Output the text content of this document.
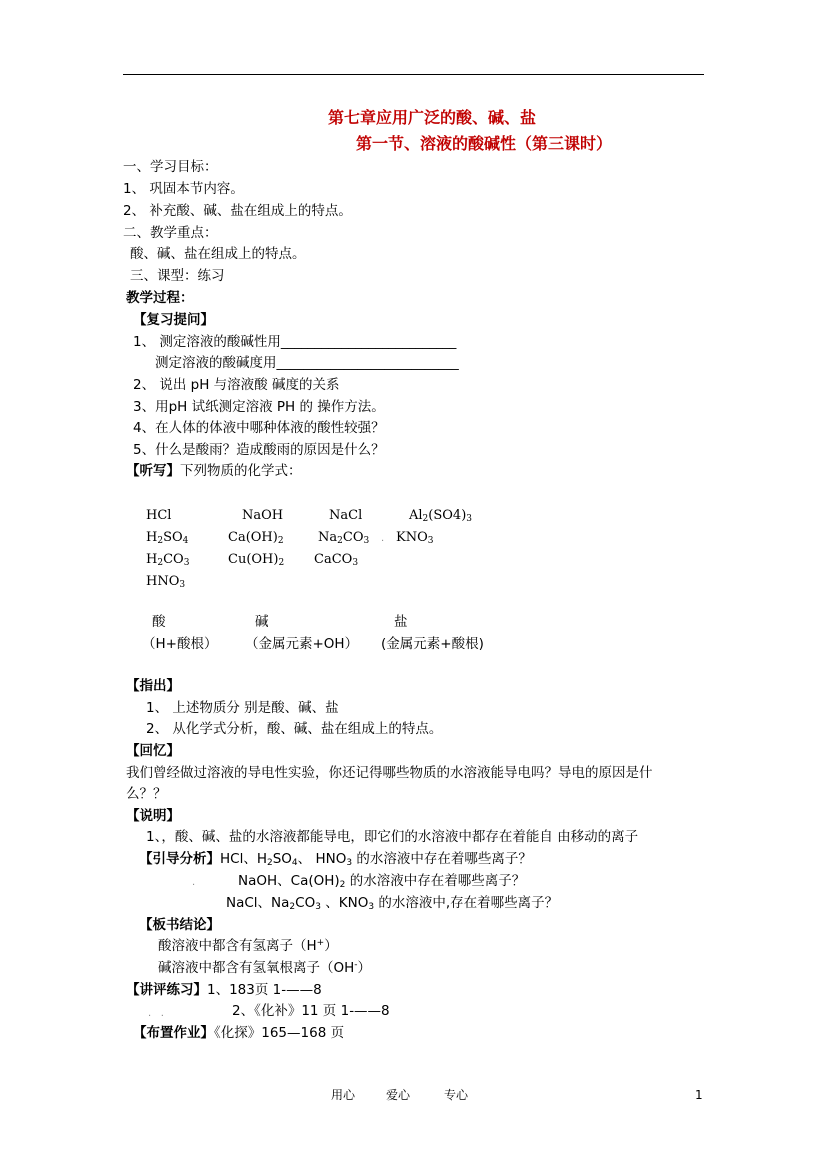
第七章应用广泛的酸、碱、盐
第一节、溶液的酸碱性（第三课时）
一、学习目标：
1、 巩固本节内容。
2、 补充酸、碱、盐在组成上的特点。
二、教学重点：
酸、碱、盐在组成上的特点。
三、课型：练习
教学过程：
【复习提问】
1、 测定溶液的酸碱性用__________________________
测定溶液的酸碱度用___________________________
2、 说出 pH 与溶液酸 碱度的关系
3、用pH 试纸测定溶液 PH 的 操作方法。
4、在人体的体液中哪种体液的酸性较强？
5、什么是酸雨？造成酸雨的原因是什么？
【听写】下列物质的化学式：
HCl	NaOH	NaCl	$Al_2(SO4)_3$
$H_2SO_4$	$Ca(OH)_2$	$Na_2CO_3$ . $KNO_3$
$H_2CO_3$	$Cu(OH)_2$ CaCO$_3$
$HNO_3$
酸	碱	盐
（H+酸根） （金属元素+OH） (金属元素+酸根)
【指出】
1、 上述物质分 别是酸、碱、盐
2、 从化学式分析，酸、碱、盐在组成上的特点。
【回忆】
我们曾经做过溶液的导电性实验，你还记得哪些物质的水溶液能导电吗？导电的原因是什
么？？
【说明】
1、，酸、碱、盐的水溶液都能导电，即它们的水溶液中都存在着能自 由移动的离子
【引导分析】HCl、$H_2SO_4$、 $HNO_3$ 的水溶液中存在着哪些离子？
.	NaOH、$Ca(OH)_2$ 的水溶液中存在着哪些离子？
NaCl、$Na_2CO_3$ 、$KNO_3$ 的水溶液中,存在着哪些离子？
【板书结论】
酸溶液中都含有氢离子（H+）
碱溶液中都含有氢氧根离子（OH-）
【讲评练习】1、183页 1-——8
.   .	2、《化补》11 页 1-——8
【布置作业】《化探》165—168 页
用心	爱心	专心	1
